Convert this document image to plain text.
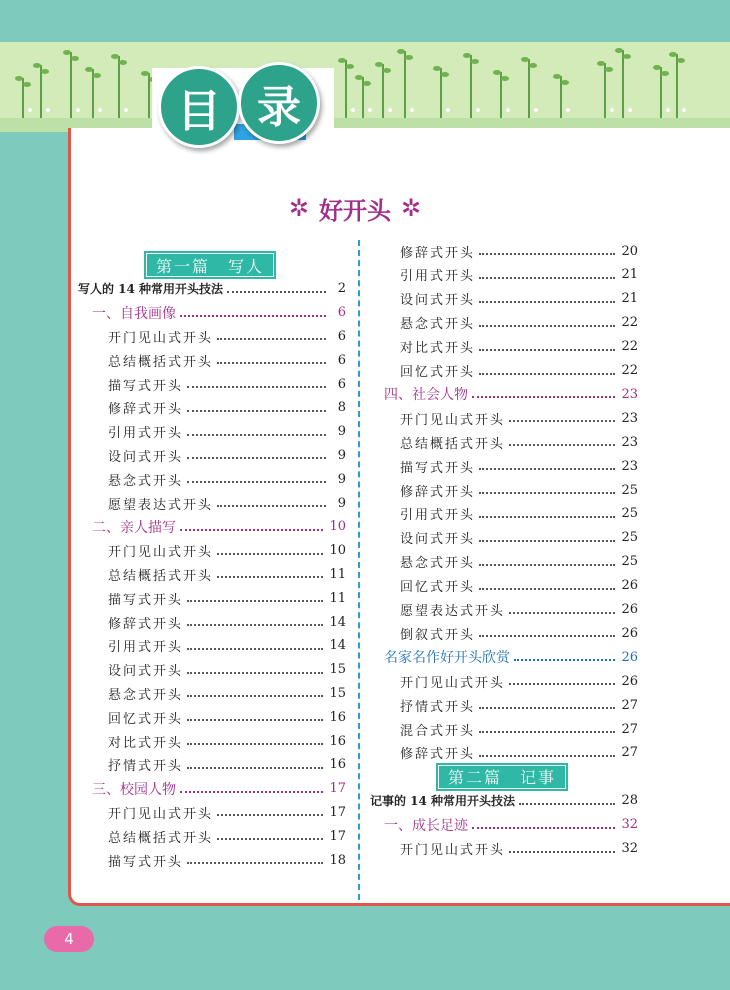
目 录
✲ 好开头 ✲
第一篇　写人
写人的 14 种常用开头技法	2
一、自我画像	6
开门见山式开头	6
总结概括式开头	6
描写式开头	6
修辞式开头	8
引用式开头	9
设问式开头	9
悬念式开头	9
愿望表达式开头	9
二、亲人描写	10
开门见山式开头	10
总结概括式开头	11
描写式开头	11
修辞式开头	14
引用式开头	14
设问式开头	15
悬念式开头	15
回忆式开头	16
对比式开头	16
抒情式开头	16
三、校园人物	17
开门见山式开头	17
总结概括式开头	17
描写式开头	18
修辞式开头	20
引用式开头	21
设问式开头	21
悬念式开头	22
对比式开头	22
回忆式开头	22
四、社会人物	23
开门见山式开头	23
总结概括式开头	23
描写式开头	23
修辞式开头	25
引用式开头	25
设问式开头	25
悬念式开头	25
回忆式开头	26
愿望表达式开头	26
倒叙式开头	26
名家名作好开头欣赏	26
开门见山式开头	26
抒情式开头	27
混合式开头	27
修辞式开头	27
第二篇　记事
记事的 14 种常用开头技法	28
一、成长足迹	32
开门见山式开头	32
4
